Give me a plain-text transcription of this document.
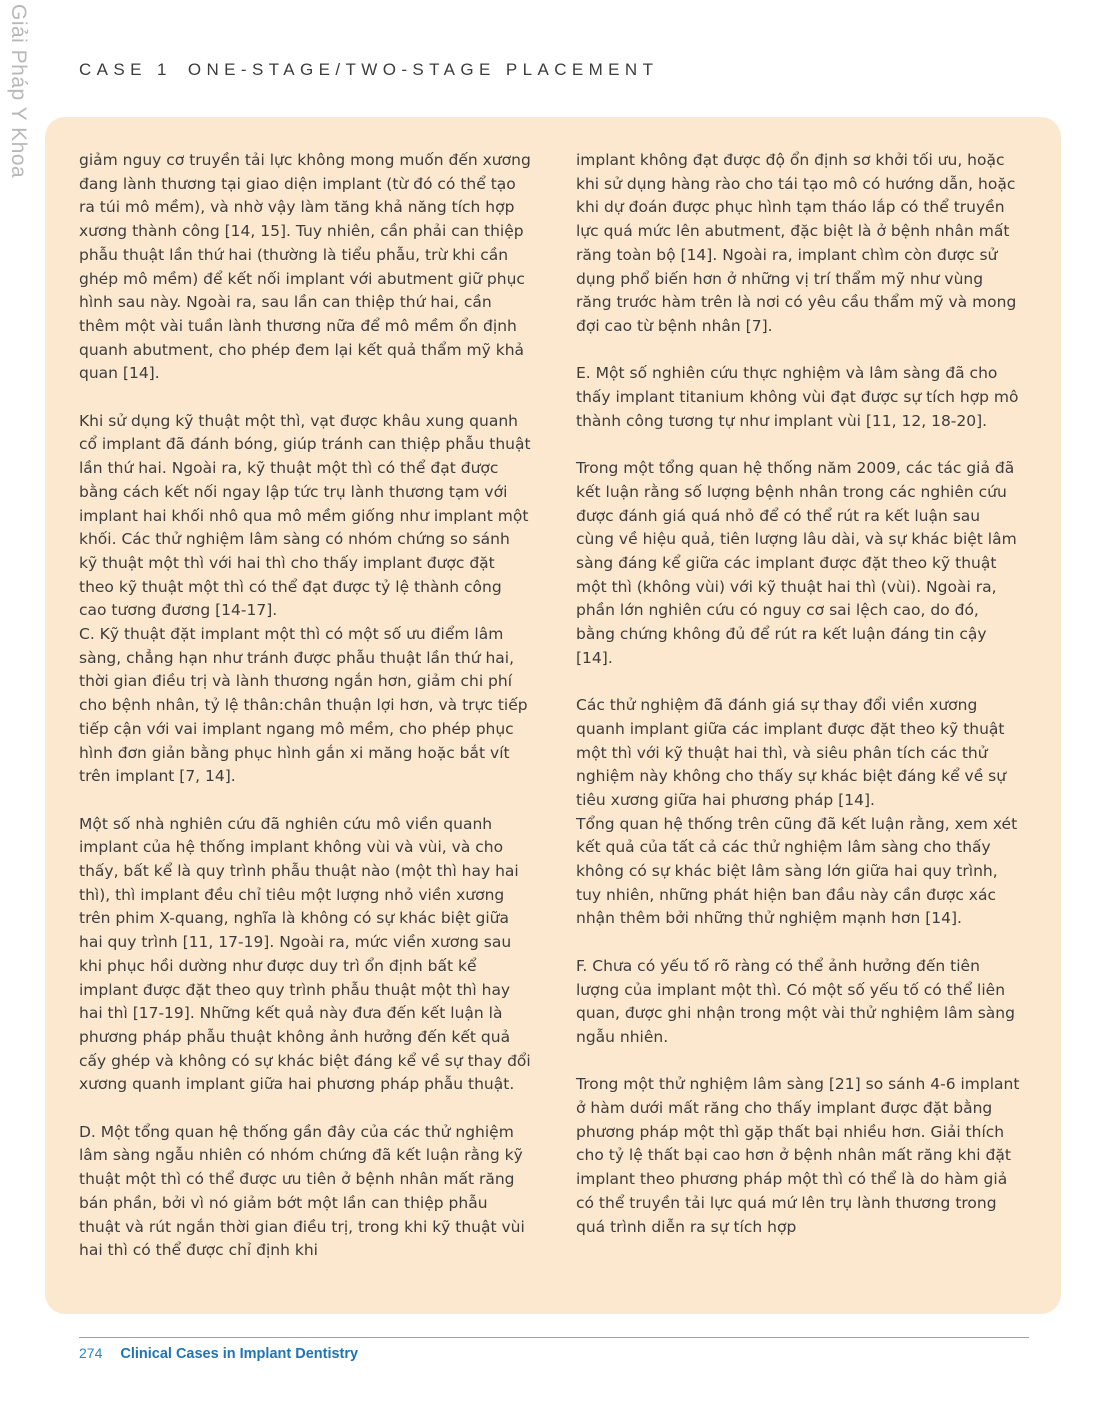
Giải Pháp Y Khoa	CASE 1 ONE-STAGE/TWO-STAGE PLACEMENT

giảm nguy cơ truyền tải lực không mong muốn đến xương đang lành thương tại giao diện implant (từ đó có thể tạo ra túi mô mềm), và nhờ vậy làm tăng khả năng tích hợp xương thành công [14, 15]. Tuy nhiên, cần phải can thiệp phẫu thuật lần thứ hai (thường là tiểu phẫu, trừ khi cần ghép mô mềm) để kết nối implant với abutment giữ phục hình sau này. Ngoài ra, sau lần can thiệp thứ hai, cần thêm một vài tuần lành thương nữa để mô mềm ổn định quanh abutment, cho phép đem lại kết quả thẩm mỹ khả quan [14].

Khi sử dụng kỹ thuật một thì, vạt được khâu xung quanh cổ implant đã đánh bóng, giúp tránh can thiệp phẫu thuật lần thứ hai. Ngoài ra, kỹ thuật một thì có thể đạt được bằng cách kết nối ngay lập tức trụ lành thương tạm với implant hai khối nhô qua mô mềm giống như implant một khối. Các thử nghiệm lâm sàng có nhóm chứng so sánh kỹ thuật một thì với hai thì cho thấy implant được đặt theo kỹ thuật một thì có thể đạt được tỷ lệ thành công cao tương đương [14-17].

C. Kỹ thuật đặt implant một thì có một số ưu điểm lâm sàng, chẳng hạn như tránh được phẫu thuật lần thứ hai, thời gian điều trị và lành thương ngắn hơn, giảm chi phí cho bệnh nhân, tỷ lệ thân:chân thuận lợi hơn, và trực tiếp tiếp cận với vai implant ngang mô mềm, cho phép phục hình đơn giản bằng phục hình gắn xi măng hoặc bắt vít trên implant [7, 14].

Một số nhà nghiên cứu đã nghiên cứu mô viền quanh implant của hệ thống implant không vùi và vùi, và cho thấy, bất kể là quy trình phẫu thuật nào (một thì hay hai thì), thì implant đều chỉ tiêu một lượng nhỏ viền xương trên phim X-quang, nghĩa là không có sự khác biệt giữa hai quy trình [11, 17-19]. Ngoài ra, mức viền xương sau khi phục hồi dường như được duy trì ổn định bất kể implant được đặt theo quy trình phẫu thuật một thì hay hai thì [17-19]. Những kết quả này đưa đến kết luận là phương pháp phẫu thuật không ảnh hưởng đến kết quả cấy ghép và không có sự khác biệt đáng kể về sự thay đổi xương quanh implant giữa hai phương pháp phẫu thuật.

D. Một tổng quan hệ thống gần đây của các thử nghiệm lâm sàng ngẫu nhiên có nhóm chứng đã kết luận rằng kỹ thuật một thì có thể được ưu tiên ở bệnh nhân mất răng bán phần, bởi vì nó giảm bớt một lần can thiệp phẫu thuật và rút ngắn thời gian điều trị, trong khi kỹ thuật vùi hai thì có thể được chỉ định khi

implant không đạt được độ ổn định sơ khởi tối ưu, hoặc khi sử dụng hàng rào cho tái tạo mô có hướng dẫn, hoặc khi dự đoán được phục hình tạm tháo lắp có thể truyền lực quá mức lên abutment, đặc biệt là ở bệnh nhân mất răng toàn bộ [14]. Ngoài ra, implant chìm còn được sử dụng phổ biến hơn ở những vị trí thẩm mỹ như vùng răng trước hàm trên là nơi có yêu cầu thẩm mỹ và mong đợi cao từ bệnh nhân [7].

E. Một số nghiên cứu thực nghiệm và lâm sàng đã cho thấy implant titanium không vùi đạt được sự tích hợp mô thành công tương tự như implant vùi [11, 12, 18-20].

Trong một tổng quan hệ thống năm 2009, các tác giả đã kết luận rằng số lượng bệnh nhân trong các nghiên cứu được đánh giá quá nhỏ để có thể rút ra kết luận sau cùng về hiệu quả, tiên lượng lâu dài, và sự khác biệt lâm sàng đáng kể giữa các implant được đặt theo kỹ thuật một thì (không vùi) với kỹ thuật hai thì (vùi). Ngoài ra, phần lớn nghiên cứu có nguy cơ sai lệch cao, do đó, bằng chứng không đủ để rút ra kết luận đáng tin cậy [14].

Các thử nghiệm đã đánh giá sự thay đổi viền xương quanh implant giữa các implant được đặt theo kỹ thuật một thì với kỹ thuật hai thì, và siêu phân tích các thử nghiệm này không cho thấy sự khác biệt đáng kể về sự tiêu xương giữa hai phương pháp [14].

Tổng quan hệ thống trên cũng đã kết luận rằng, xem xét kết quả của tất cả các thử nghiệm lâm sàng cho thấy không có sự khác biệt lâm sàng lớn giữa hai quy trình, tuy nhiên, những phát hiện ban đầu này cần được xác nhận thêm bởi những thử nghiệm mạnh hơn [14].

F. Chưa có yếu tố rõ ràng có thể ảnh hưởng đến tiên lượng của implant một thì. Có một số yếu tố có thể liên quan, được ghi nhận trong một vài thử nghiệm lâm sàng ngẫu nhiên.

Trong một thử nghiệm lâm sàng [21] so sánh 4-6 implant ở hàm dưới mất răng cho thấy implant được đặt bằng phương pháp một thì gặp thất bại nhiều hơn. Giải thích cho tỷ lệ thất bại cao hơn ở bệnh nhân mất răng khi đặt implant theo phương pháp một thì có thể là do hàm giả có thể truyền tải lực quá mứ lên trụ lành thương trong quá trình diễn ra sự tích hợp

274 Clinical Cases in Implant Dentistry
